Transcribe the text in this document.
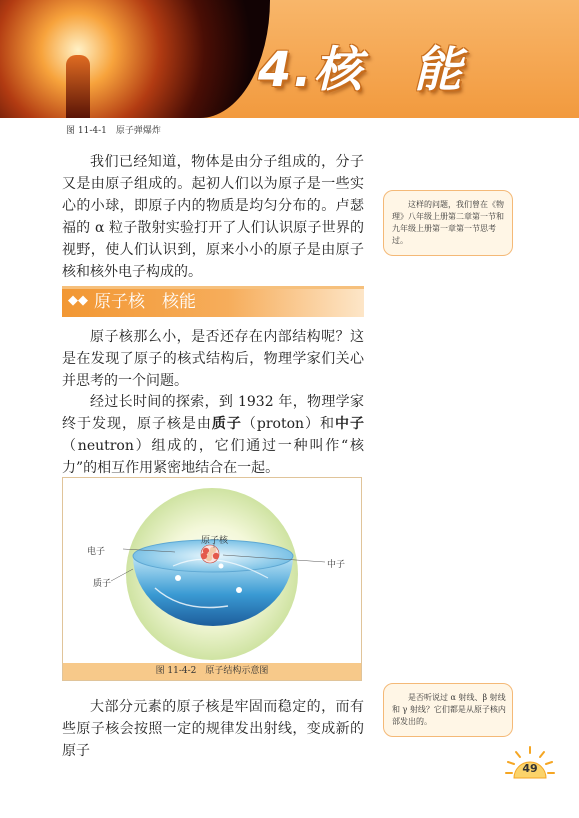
4.核　能
图 11-4-1　原子弹爆炸

我们已经知道，物体是由分子组成的，分子又是由原子组成的。起初人们以为原子是一些实心的小球，即原子内的物质是均匀分布的。卢瑟福的 α 粒子散射实验打开了人们认识原子世界的视野，使人们认识到，原来小小的原子是由原子核和核外电子构成的。

这样的问题，我们曾在《物理》八年级上册第二章第一节和九年级上册第一章第一节思考过。
◆◆ 原子核　核能

原子核那么小，是否还存在内部结构呢？这是在发现了原子的核式结构后，物理学家们关心并思考的一个问题。

经过长时间的探索，到 1932 年，物理学家终于发现，原子核是由质子（proton）和中子（neutron）组成的，它们通过一种叫作“核力”的相互作用紧密地结合在一起。

电子
原子核
中子
质子
图 11-4-2　原子结构示意图

大部分元素的原子核是牢固而稳定的，而有些原子核会按照一定的规律发出射线，变成新的原子

是否听说过 α 射线、β 射线和 γ 射线？它们都是从原子核内部发出的。
49
